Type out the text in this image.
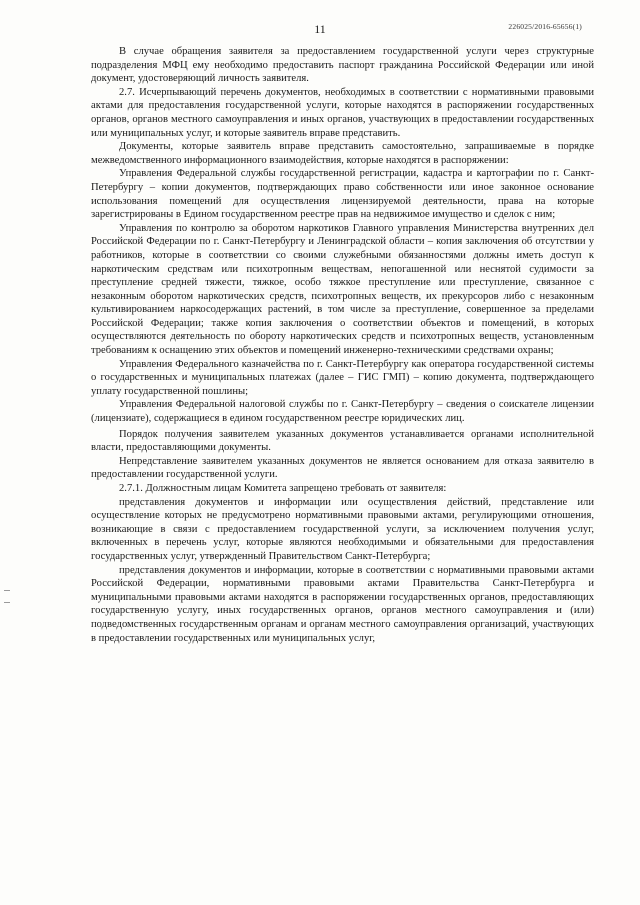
11	226025/2016-65656(1)

В случае обращения заявителя за предоставлением государственной услуги через структурные подразделения МФЦ ему необходимо предоставить паспорт гражданина Российской Федерации или иной документ, удостоверяющий личность заявителя.

2.7. Исчерпывающий перечень документов, необходимых в соответствии с нормативными правовыми актами для предоставления государственной услуги, которые находятся в распоряжении государственных органов, органов местного самоуправления и иных органов, участвующих в предоставлении государственных или муниципальных услуг, и которые заявитель вправе представить.

Документы, которые заявитель вправе представить самостоятельно, запрашиваемые в порядке межведомственного информационного взаимодействия, которые находятся в распоряжении:

Управления Федеральной службы государственной регистрации, кадастра и картографии по г. Санкт-Петербургу – копии документов, подтверждающих право собственности или иное законное основание использования помещений для осуществления лицензируемой деятельности, права на которые зарегистрированы в Едином государственном реестре прав на недвижимое имущество и сделок с ним;

Управления по контролю за оборотом наркотиков Главного управления Министерства внутренних дел Российской Федерации по г. Санкт-Петербургу и Ленинградской области – копия заключения об отсутствии у работников, которые в соответствии со своими служебными обязанностями должны иметь доступ к наркотическим средствам или психотропным веществам, непогашенной или неснятой судимости за преступление средней тяжести, тяжкое, особо тяжкое преступление или преступление, связанное с незаконным оборотом наркотических средств, психотропных веществ, их прекурсоров либо с незаконным культивированием наркосодержащих растений, в том числе за преступление, совершенное за пределами Российской Федерации; также копия заключения о соответствии объектов и помещений, в которых осуществляются деятельность по обороту наркотических средств и психотропных веществ, установленным требованиям к оснащению этих объектов и помещений инженерно-техническими средствами охраны;

Управления Федерального казначейства по г. Санкт-Петербургу как оператора государственной системы о государственных и муниципальных платежах (далее – ГИС ГМП) – копию документа, подтверждающего уплату государственной пошлины;

Управления Федеральной налоговой службы по г. Санкт-Петербургу – сведения о соискателе лицензии (лицензиате), содержащиеся в едином государственном реестре юридических лиц.

Порядок получения заявителем указанных документов устанавливается органами исполнительной власти, предоставляющими документы.

Непредставление заявителем указанных документов не является основанием для отказа заявителю в предоставлении государственной услуги.

2.7.1. Должностным лицам Комитета запрещено требовать от заявителя:

представления документов и информации или осуществления действий, представление или осуществление которых не предусмотрено нормативными правовыми актами, регулирующими отношения, возникающие в связи с предоставлением государственной услуги, за исключением получения услуг, включенных в перечень услуг, которые являются необходимыми и обязательными для предоставления государственных услуг, утвержденный Правительством Санкт-Петербурга;

представления документов и информации, которые в соответствии с нормативными правовыми актами Российской Федерации, нормативными правовыми актами Правительства Санкт-Петербурга и муниципальными правовыми актами находятся в распоряжении государственных органов, предоставляющих государственную услугу, иных государственных органов, органов местного самоуправления и (или) подведомственных государственным органам и органам местного самоуправления организаций, участвующих в предоставлении государственных или муниципальных услуг,
